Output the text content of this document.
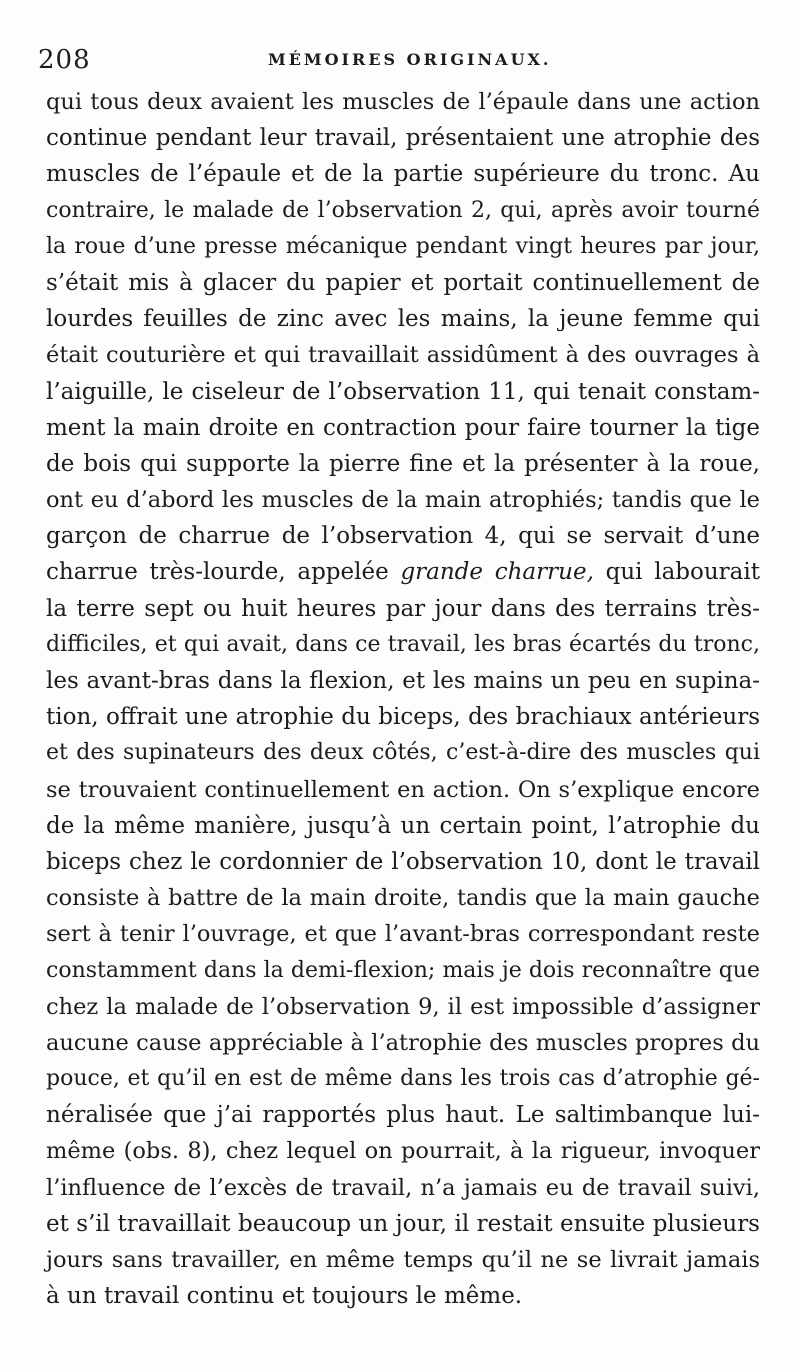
208	MÉMOIRES ORIGINAUX.
qui tous deux avaient les muscles de l’épaule dans une action
continue pendant leur travail, présentaient une atrophie des
muscles de l’épaule et de la partie supérieure du tronc. Au
contraire, le malade de l’observation 2, qui, après avoir tourné
la roue d’une presse mécanique pendant vingt heures par jour,
s’était mis à glacer du papier et portait continuellement de
lourdes feuilles de zinc avec les mains, la jeune femme qui
était couturière et qui travaillait assidûment à des ouvrages à
l’aiguille, le ciseleur de l’observation 11, qui tenait constam-
ment la main droite en contraction pour faire tourner la tige
de bois qui supporte la pierre fine et la présenter à la roue,
ont eu d’abord les muscles de la main atrophiés; tandis que le
garçon de charrue de l’observation 4, qui se servait d’une
charrue très-lourde, appelée grande charrue, qui labourait
la terre sept ou huit heures par jour dans des terrains très-
difficiles, et qui avait, dans ce travail, les bras écartés du tronc,
les avant-bras dans la flexion, et les mains un peu en supina-
tion, offrait une atrophie du biceps, des brachiaux antérieurs
et des supinateurs des deux côtés, c’est-à-dire des muscles qui
se trouvaient continuellement en action. On s’explique encore
de la même manière, jusqu’à un certain point, l’atrophie du
biceps chez le cordonnier de l’observation 10, dont le travail
consiste à battre de la main droite, tandis que la main gauche
sert à tenir l’ouvrage, et que l’avant-bras correspondant reste
constamment dans la demi-flexion; mais je dois reconnaître que
chez la malade de l’observation 9, il est impossible d’assigner
aucune cause appréciable à l’atrophie des muscles propres du
pouce, et qu’il en est de même dans les trois cas d’atrophie gé-
néralisée que j’ai rapportés plus haut. Le saltimbanque lui-
même (obs. 8), chez lequel on pourrait, à la rigueur, invoquer
l’influence de l’excès de travail, n’a jamais eu de travail suivi,
et s’il travaillait beaucoup un jour, il restait ensuite plusieurs
jours sans travailler, en même temps qu’il ne se livrait jamais
à un travail continu et toujours le même.
